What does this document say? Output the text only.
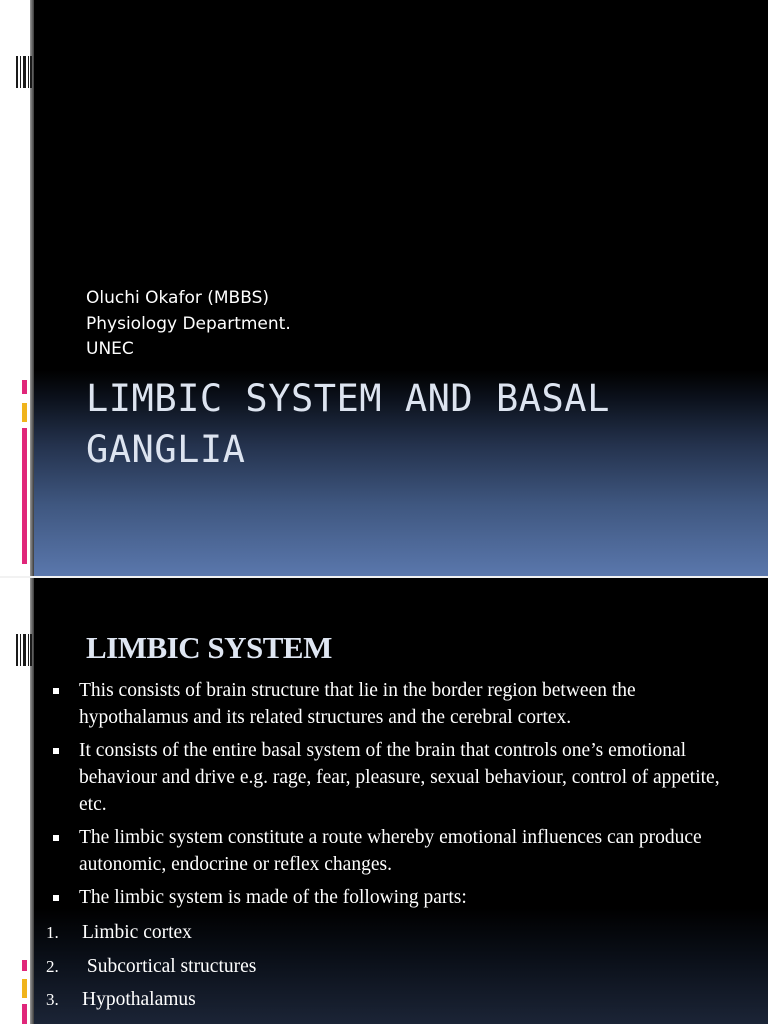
Oluchi Okafor (MBBS)
Physiology Department.
UNEC
LIMBIC SYSTEM AND BASAL
GANGLIA
LIMBIC SYSTEM
This consists of brain structure that lie in the border region between the hypothalamus and its related structures and the cerebral cortex.
It consists of the entire basal system of the brain that controls one’s emotional behaviour and drive e.g. rage, fear, pleasure, sexual behaviour, control of appetite, etc.
The limbic system constitute a route whereby emotional influences can produce autonomic, endocrine or reflex changes.
The limbic system is made of the following parts:
1. Limbic cortex
2. Subcortical structures
3. Hypothalamus
